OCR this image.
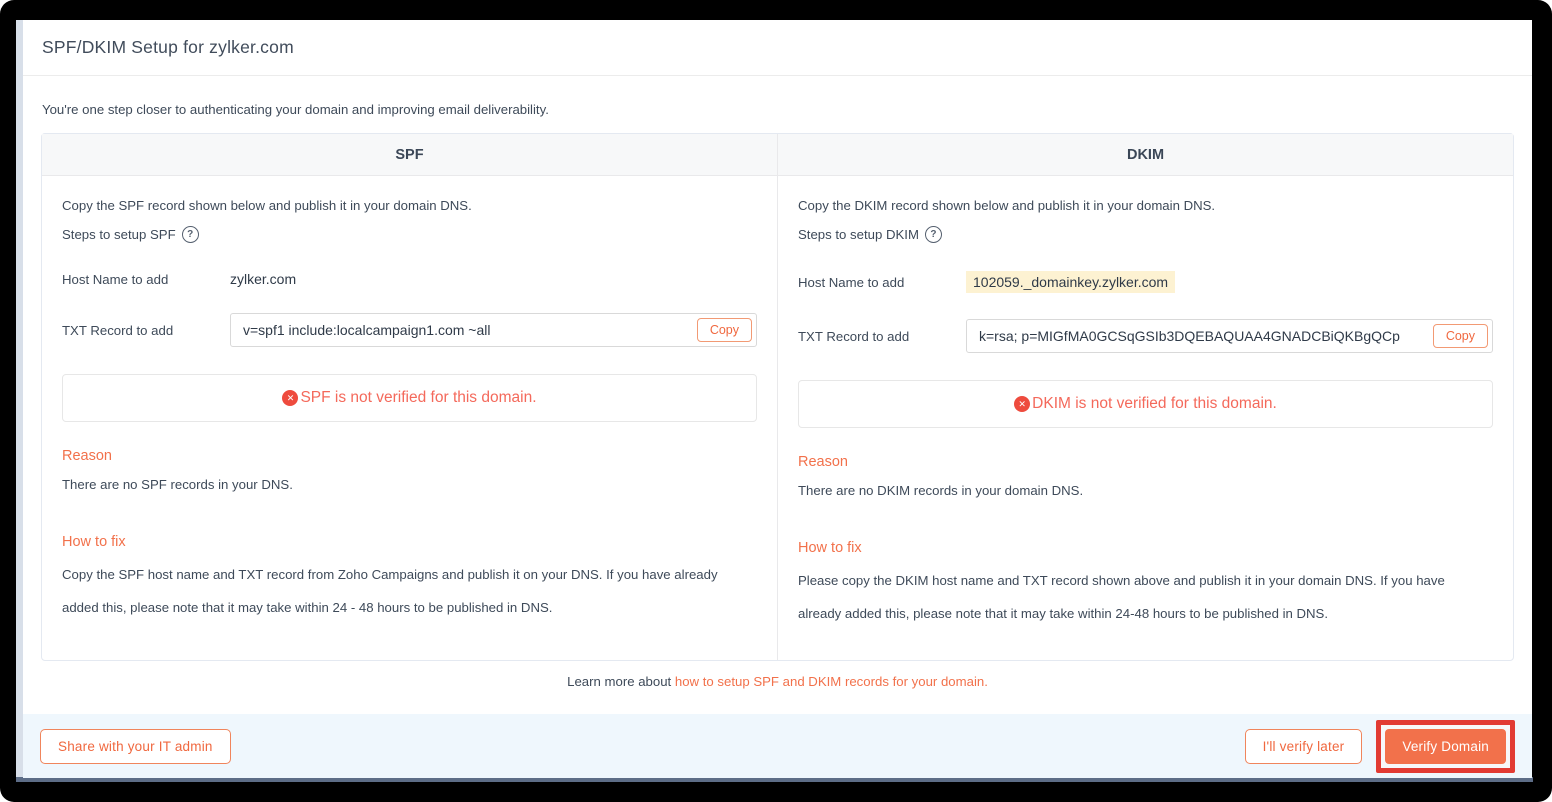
SPF/DKIM Setup for zylker.com
You're one step closer to authenticating your domain and improving email deliverability.
SPF

Copy the SPF record shown below and publish it in your domain DNS.

Steps to setup SPF	?
Host Name to add	zylker.com
TXT Record to add	v=spf1 include:localcampaign1.com ~all	Copy
✕ SPF is not verified for this domain.
Reason
There are no SPF records in your DNS.
How to fix
Copy the SPF host name and TXT record from Zoho Campaigns and publish it on your DNS. If you have already added this, please note that it may take within 24 - 48 hours to be published in DNS.
DKIM

Copy the DKIM record shown below and publish it in your domain DNS.

Steps to setup DKIM	?
Host Name to add	102059._domainkey.zylker.com
TXT Record to add	k=rsa; p=MIGfMA0GCSqGSIb3DQEBAQUAA4GNADCBiQKBgQCp	Copy
✕ DKIM is not verified for this domain.
Reason
There are no DKIM records in your domain DNS.
How to fix
Please copy the DKIM host name and TXT record shown above and publish it in your domain DNS. If you have already added this, please note that it may take within 24-48 hours to be published in DNS.
Learn more about how to setup SPF and DKIM records for your domain.
Share with your IT admin	I'll verify later	Verify Domain
